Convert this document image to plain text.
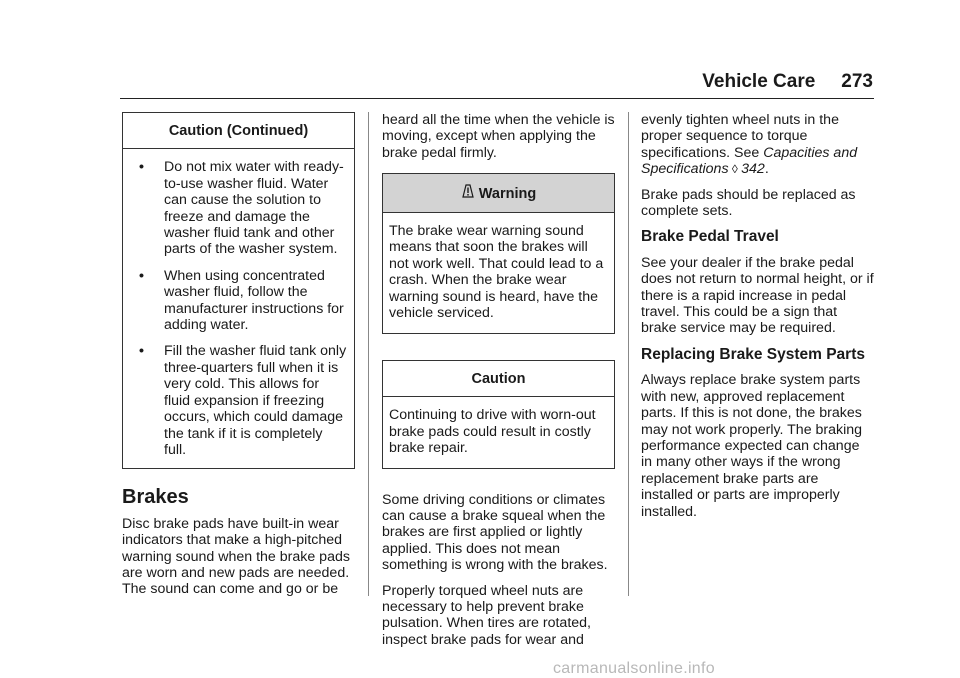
Vehicle Care 273
Caution (Continued)
• Do not mix water with ready-to-use washer fluid. Water can cause the solution to freeze and damage the washer fluid tank and other parts of the washer system.
• When using concentrated washer fluid, follow the manufacturer instructions for adding water.
• Fill the washer fluid tank only three-quarters full when it is very cold. This allows for fluid expansion if freezing occurs, which could damage the tank if it is completely full.
Brakes

Disc brake pads have built-in wear indicators that make a high-pitched warning sound when the brake pads are worn and new pads are needed. The sound can come and go or be

heard all the time when the vehicle is moving, except when applying the brake pedal firmly.

Warning
The brake wear warning sound means that soon the brakes will not work well. That could lead to a crash. When the brake wear warning sound is heard, have the vehicle serviced.
Caution
Continuing to drive with worn-out brake pads could result in costly brake repair.

Some driving conditions or climates can cause a brake squeal when the brakes are first applied or lightly applied. This does not mean something is wrong with the brakes.

Properly torqued wheel nuts are necessary to help prevent brake pulsation. When tires are rotated, inspect brake pads for wear and

evenly tighten wheel nuts in the proper sequence to torque specifications. See Capacities and Specifications ◊ 342.

Brake pads should be replaced as complete sets.

Brake Pedal Travel

See your dealer if the brake pedal does not return to normal height, or if there is a rapid increase in pedal travel. This could be a sign that brake service may be required.

Replacing Brake System Parts

Always replace brake system parts with new, approved replacement parts. If this is not done, the brakes may not work properly. The braking performance expected can change in many other ways if the wrong replacement brake parts are installed or parts are improperly installed.

carmanualsonline.info
